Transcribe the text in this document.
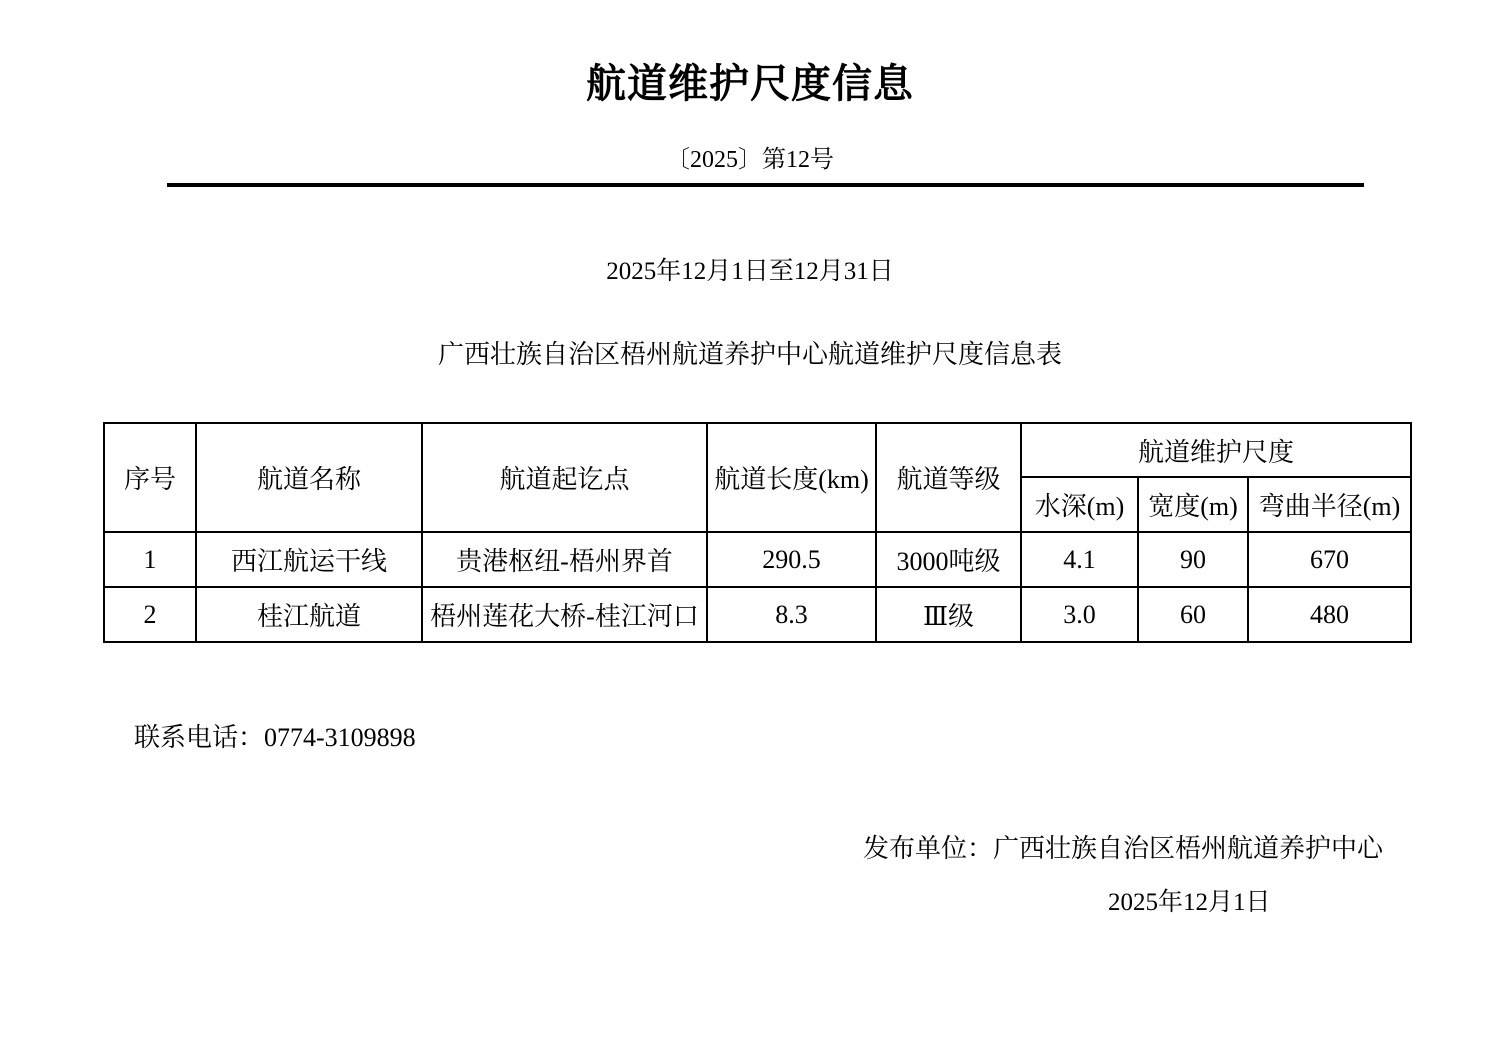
航道维护尺度信息
〔2025〕第12号
2025年12月1日至12月31日
广西壮族自治区梧州航道养护中心航道维护尺度信息表
序号	航道名称	航道起讫点	航道长度(km)	航道等级	航道维护尺度		
					水深(m)	宽度(m)	弯曲半径(m)
1	西江航运干线	贵港枢纽-梧州界首	290.5	3000吨级	4.1	90	670
2	桂江航道	梧州莲花大桥-桂江河口	8.3	Ⅲ级	3.0	60	480
联系电话：0774-3109898
发布单位：广西壮族自治区梧州航道养护中心
2025年12月1日
